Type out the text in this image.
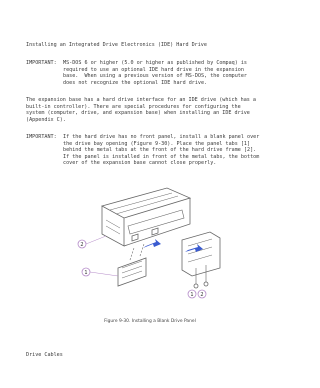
Installing an Integrated Drive Electronics (IDE) Hard Drive
IMPORTANT: MS-DOS 6 or higher (5.0 or higher as published by Compaq) is
required to use an optional IDE hard drive in the expansion
base.  When using a previous version of MS-DOS, the computer
does not recognize the optional IDE hard drive.
The expansion base has a hard drive interface for an IDE drive (which has a
built-in controller). There are special procedures for configuring the
system (computer, drive, and expansion base) when installing an IDE drive
(Appendix C).
IMPORTANT: If the hard drive has no front panel, install a blank panel over
the drive bay opening (Figure 9-30). Place the panel tabs [1]
behind the metal tabs at the front of the hard drive frame [2].
If the panel is installed in front of the metal tabs, the bottom
cover of the expansion base cannot close properly.
2
1
1 2
Figure 9-30. Installing a Blank Drive Panel
Drive Cables
